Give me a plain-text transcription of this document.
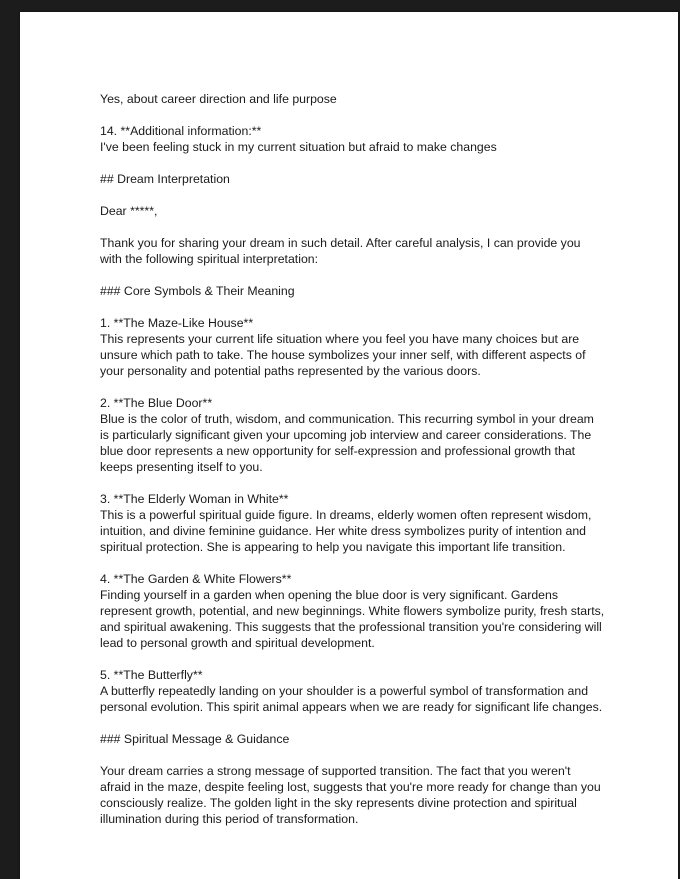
Yes, about career direction and life purpose
14. **Additional information:**
I've been feeling stuck in my current situation but afraid to make changes
## Dream Interpretation
Dear *****,
Thank you for sharing your dream in such detail. After careful analysis, I can provide you
with the following spiritual interpretation:
### Core Symbols & Their Meaning
1. **The Maze-Like House**
This represents your current life situation where you feel you have many choices but are
unsure which path to take. The house symbolizes your inner self, with different aspects of
your personality and potential paths represented by the various doors.
2. **The Blue Door**
Blue is the color of truth, wisdom, and communication. This recurring symbol in your dream
is particularly significant given your upcoming job interview and career considerations. The
blue door represents a new opportunity for self-expression and professional growth that
keeps presenting itself to you.
3. **The Elderly Woman in White**
This is a powerful spiritual guide figure. In dreams, elderly women often represent wisdom,
intuition, and divine feminine guidance. Her white dress symbolizes purity of intention and
spiritual protection. She is appearing to help you navigate this important life transition.
4. **The Garden & White Flowers**
Finding yourself in a garden when opening the blue door is very significant. Gardens
represent growth, potential, and new beginnings. White flowers symbolize purity, fresh starts,
and spiritual awakening. This suggests that the professional transition you're considering will
lead to personal growth and spiritual development.
5. **The Butterfly**
A butterfly repeatedly landing on your shoulder is a powerful symbol of transformation and
personal evolution. This spirit animal appears when we are ready for significant life changes.
### Spiritual Message & Guidance
Your dream carries a strong message of supported transition. The fact that you weren't
afraid in the maze, despite feeling lost, suggests that you're more ready for change than you
consciously realize. The golden light in the sky represents divine protection and spiritual
illumination during this period of transformation.
